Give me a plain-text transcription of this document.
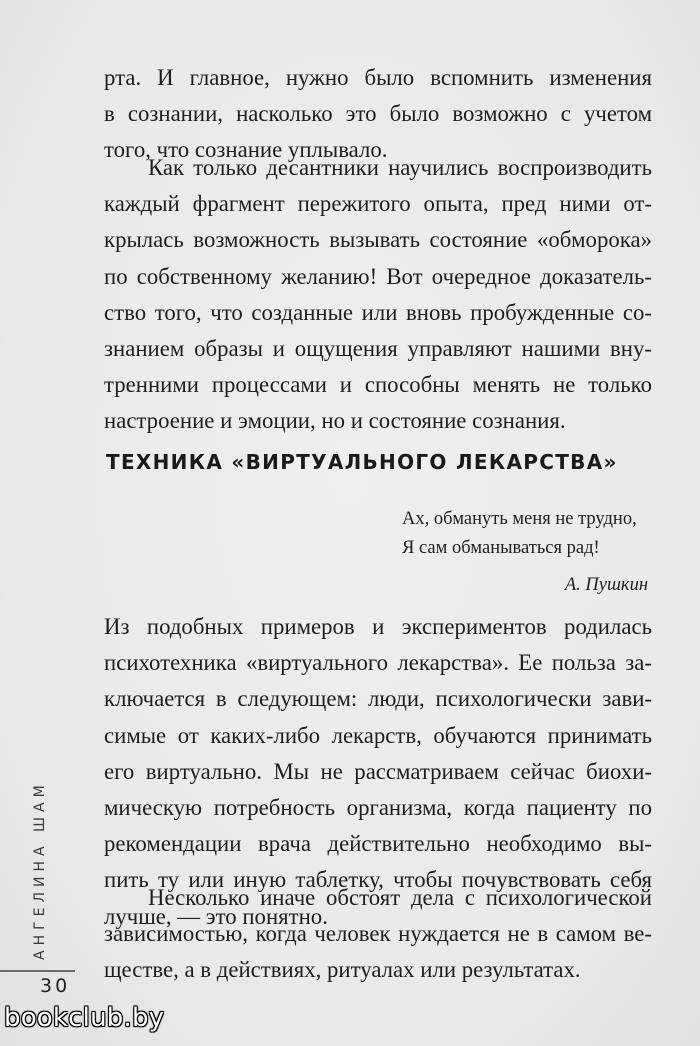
рта. И главное, нужно было вспомнить изменения
в сознании, насколько это было возможно с учетом
того, что сознание уплывало.
Как только десантники научились воспроизводить
каждый фрагмент пережитого опыта, пред ними от-
крылась возможность вызывать состояние «обморока»
по собственному желанию! Вот очередное доказатель-
ство того, что созданные или вновь пробужденные со-
знанием образы и ощущения управляют нашими вну-
тренними процессами и способны менять не только
настроение и эмоции, но и состояние сознания.
ТЕХНИКА «ВИРТУАЛЬНОГО ЛЕКАРСТВА»
Ах, обмануть меня не трудно,
Я сам обманываться рад!
А. Пушкин
Из подобных примеров и экспериментов родилась
психотехника «виртуального лекарства». Ее польза за-
ключается в следующем: люди, психологически зави-
симые от каких-либо лекарств, обучаются принимать
его виртуально. Мы не рассматриваем сейчас биохи-
мическую потребность организма, когда пациенту по
рекомендации врача действительно необходимо вы-
пить ту или иную таблетку, чтобы почувствовать себя
лучше, — это понятно.
Несколько иначе обстоят дела с психологической
зависимостью, когда человек нуждается не в самом ве-
ществе, а в действиях, ритуалах или результатах.
АНГЕЛИНА ШАМ
30
bookclub.by
